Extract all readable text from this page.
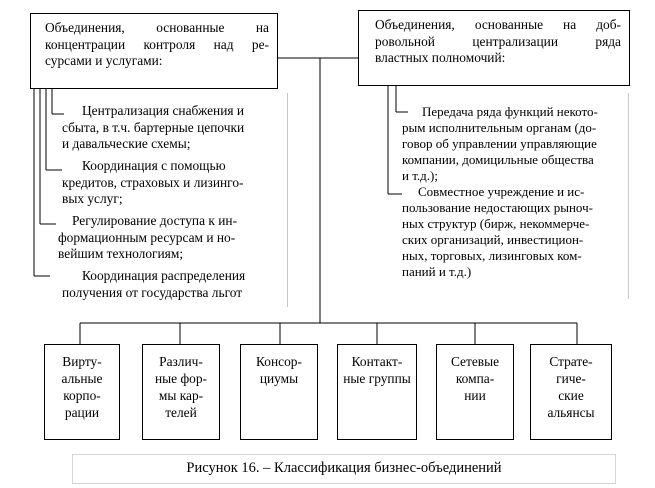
Объединения, основанные на
концентрации контроля над ре-
сурсами и услугами:
Объединения, основанные на доб-
ровольной централизации ряда
властных полномочий:
Централизация снабжения и
сбыта, в т.ч. бартерные цепочки
и давальческие схемы;
Координация с помощью
кредитов, страховых и лизинго-
вых услуг;
Регулирование доступа к ин-
формационным ресурсам и но-
вейшим технологиям;
Координация распределения
получения от государства льгот
Передача ряда функций некото-
рым исполнительным органам (до-
говор об управлении управляющие
компании, домицильные общества
и т.д.);
Совместное учреждение и ис-
пользование недостающих рыноч-
ных структур (бирж, некоммерче-
ских организаций, инвестицион-
ных, торговых, лизинговых ком-
паний и т.д.)
Вирту-
альные
корпо-
рации
Различ-
ные фор-
мы кар-
телей
Консор-
циумы
Контакт-
ные группы
Сетевые
компа-
нии
Страте-
гиче-
ские
альянсы
Рисунок 16. – Классификация бизнес-объединений
